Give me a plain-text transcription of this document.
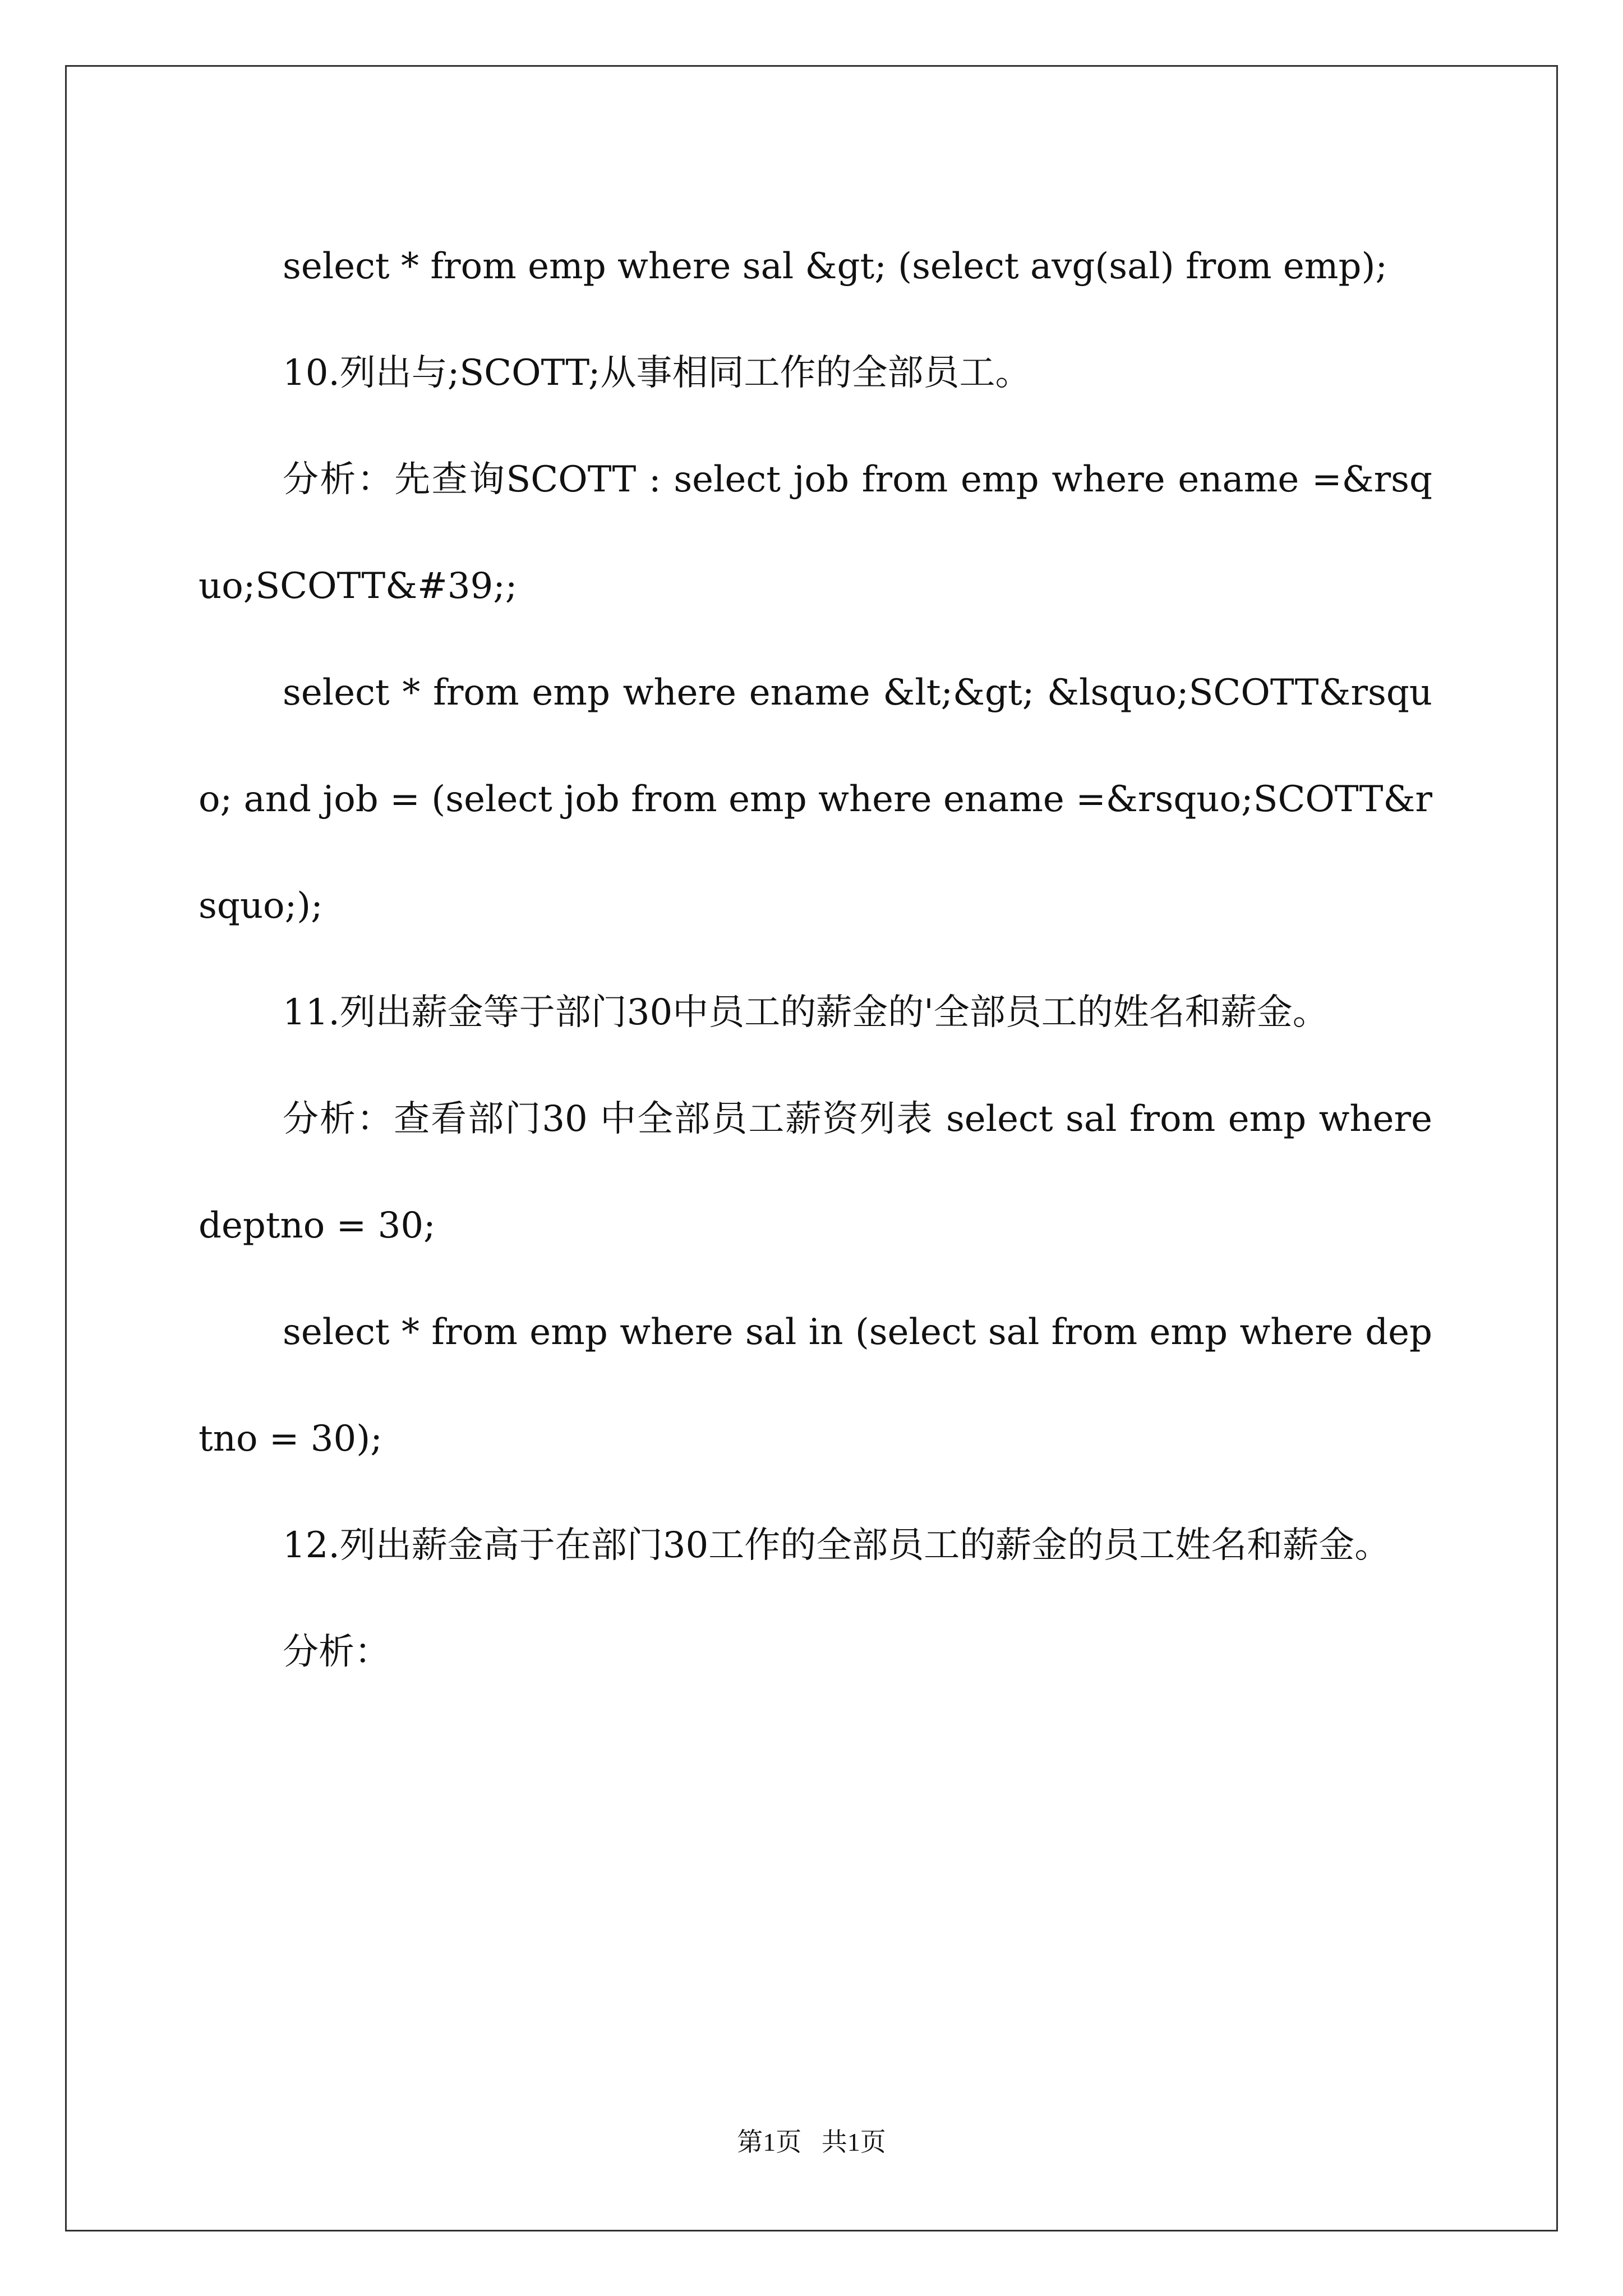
select * from emp where sal &gt; (select avg(sal) from emp);

10.列出与;SCOTT;从事相同工作的全部员工。

分析：先查询SCOTT : select job from emp where ename =&rsquo;SCOTT&#39;;

select * from emp where ename &lt;&gt; &lsquo;SCOTT&rsquo; and job = (select job from emp where ename =&rsquo;SCOTT&rsquo;);

11.列出薪金等于部门30中员工的薪金的'全部员工的姓名和薪金。

分析：查看部门30 中全部员工薪资列表 select sal from emp where deptno = 30;

select * from emp where sal in (select sal from emp where deptno = 30);

12.列出薪金高于在部门30工作的全部员工的薪金的员工姓名和薪金。

分析：

第1页 共1页
